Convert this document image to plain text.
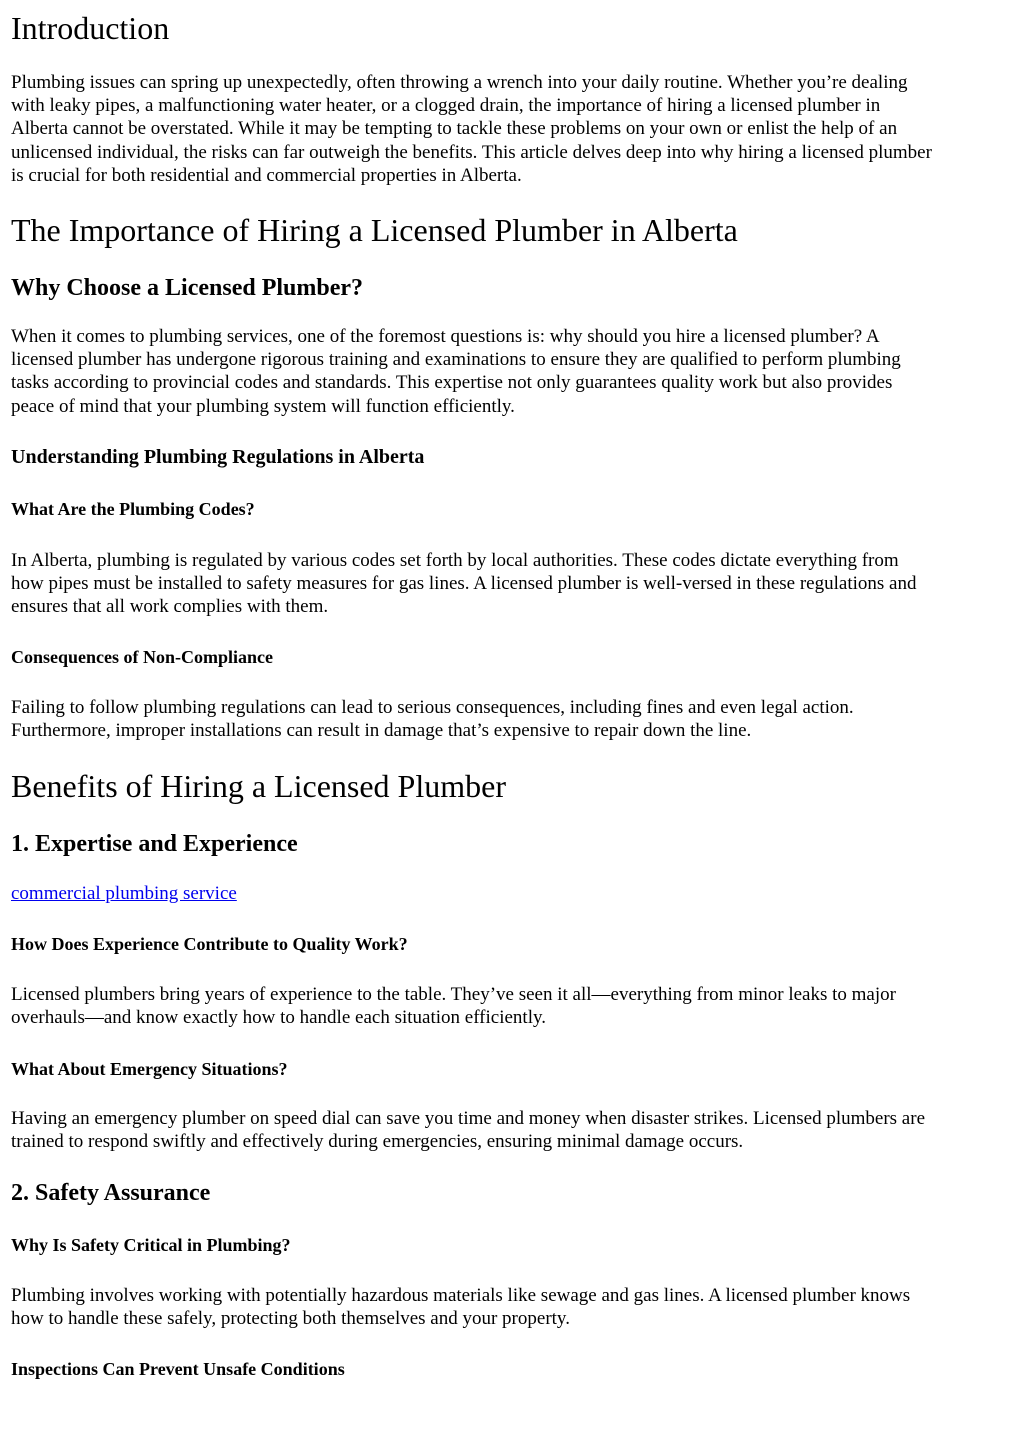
Introduction

Plumbing issues can spring up unexpectedly, often throwing a wrench into your daily routine. Whether you’re dealing
with leaky pipes, a malfunctioning water heater, or a clogged drain, the importance of hiring a licensed plumber in
Alberta cannot be overstated. While it may be tempting to tackle these problems on your own or enlist the help of an
unlicensed individual, the risks can far outweigh the benefits. This article delves deep into why hiring a licensed plumber
is crucial for both residential and commercial properties in Alberta.

The Importance of Hiring a Licensed Plumber in Alberta
Why Choose a Licensed Plumber?

When it comes to plumbing services, one of the foremost questions is: why should you hire a licensed plumber? A
licensed plumber has undergone rigorous training and examinations to ensure they are qualified to perform plumbing
tasks according to provincial codes and standards. This expertise not only guarantees quality work but also provides
peace of mind that your plumbing system will function efficiently.

Understanding Plumbing Regulations in Alberta
What Are the Plumbing Codes?

In Alberta, plumbing is regulated by various codes set forth by local authorities. These codes dictate everything from
how pipes must be installed to safety measures for gas lines. A licensed plumber is well-versed in these regulations and
ensures that all work complies with them.

Consequences of Non-Compliance

Failing to follow plumbing regulations can lead to serious consequences, including fines and even legal action.
Furthermore, improper installations can result in damage that’s expensive to repair down the line.

Benefits of Hiring a Licensed Plumber
1. Expertise and Experience
commercial plumbing service
How Does Experience Contribute to Quality Work?

Licensed plumbers bring years of experience to the table. They’ve seen it all—everything from minor leaks to major
overhauls—and know exactly how to handle each situation efficiently.

What About Emergency Situations?

Having an emergency plumber on speed dial can save you time and money when disaster strikes. Licensed plumbers are
trained to respond swiftly and effectively during emergencies, ensuring minimal damage occurs.

2. Safety Assurance
Why Is Safety Critical in Plumbing?

Plumbing involves working with potentially hazardous materials like sewage and gas lines. A licensed plumber knows
how to handle these safely, protecting both themselves and your property.

Inspections Can Prevent Unsafe Conditions
